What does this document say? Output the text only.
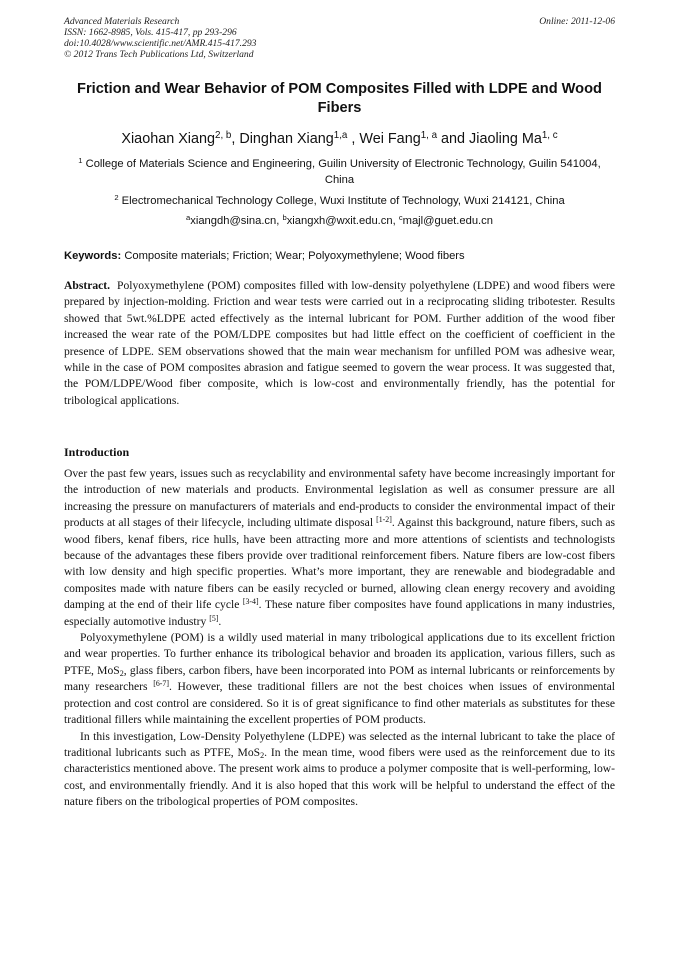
Advanced Materials Research
ISSN: 1662-8985, Vols. 415-417, pp 293-296
doi:10.4028/www.scientific.net/AMR.415-417.293
© 2012 Trans Tech Publications Ltd, Switzerland
Online: 2011-12-06
Friction and Wear Behavior of POM Composites Filled with LDPE and Wood Fibers
Xiaohan Xiang$^{2, b}$, Dinghan Xiang$^{1,a}$ , Wei Fang$^{1, a}$ and Jiaoling Ma$^{1, c}$
$^1$ College of Materials Science and Engineering, Guilin University of Electronic Technology, Guilin 541004, China
$^2$ Electromechanical Technology College, Wuxi Institute of Technology, Wuxi 214121, China
$^a$xiangdh@sina.cn, $^b$xiangxh@wxit.edu.cn, $^c$majl@guet.edu.cn
Keywords: Composite materials; Friction; Wear; Polyoxymethylene; Wood fibers

Abstract. Polyoxymethylene (POM) composites filled with low-density polyethylene (LDPE) and wood fibers were prepared by injection-molding. Friction and wear tests were carried out in a reciprocating sliding tribotester. Results showed that 5wt.%LDPE acted effectively as the internal lubricant for POM. Further addition of the wood fiber increased the wear rate of the POM/LDPE composites but had little effect on the coefficient of coefficient in the presence of LDPE. SEM observations showed that the main wear mechanism for unfilled POM was adhesive wear, while in the case of POM composites abrasion and fatigue seemed to govern the wear process. It was suggested that, the POM/LDPE/Wood fiber composite, which is low-cost and environmentally friendly, has the potential for tribological applications.

Introduction

Over the past few years, issues such as recyclability and environmental safety have become increasingly important for the introduction of new materials and products. Environmental legislation as well as consumer pressure are all increasing the pressure on manufacturers of materials and end-products to consider the environmental impact of their products at all stages of their lifecycle, including ultimate disposal [1-2]. Against this background, nature fibers, such as wood fibers, kenaf fibers, rice hulls, have been attracting more and more attentions of scientists and technologists because of the advantages these fibers provide over traditional reinforcement fibers. Nature fibers are low-cost fibers with low density and high specific properties. What’s more important, they are renewable and biodegradable and composites made with nature fibers can be easily recycled or burned, allowing clean energy recovery and avoiding damping at the end of their life cycle [3-4]. These nature fiber composites have found applications in many industries, especially automotive industry [5].

Polyoxymethylene (POM) is a wildly used material in many tribological applications due to its excellent friction and wear properties. To further enhance its tribological behavior and broaden its application, various fillers, such as PTFE, MoS$_2$, glass fibers, carbon fibers, have been incorporated into POM as internal lubricants or reinforcements by many researchers [6-7]. However, these traditional fillers are not the best choices when issues of environmental protection and cost control are considered. So it is of great significance to find other materials as substitutes for these traditional fillers while maintaining the excellent properties of POM products.

In this investigation, Low-Density Polyethylene (LDPE) was selected as the internal lubricant to take the place of traditional lubricants such as PTFE, MoS$_2$. In the mean time, wood fibers were used as the reinforcement due to its characteristics mentioned above. The present work aims to produce a polymer composite that is well-performing, low-cost, and environmentally friendly. And it is also hoped that this work will be helpful to understand the effect of the nature fibers on the tribological properties of POM composites.
